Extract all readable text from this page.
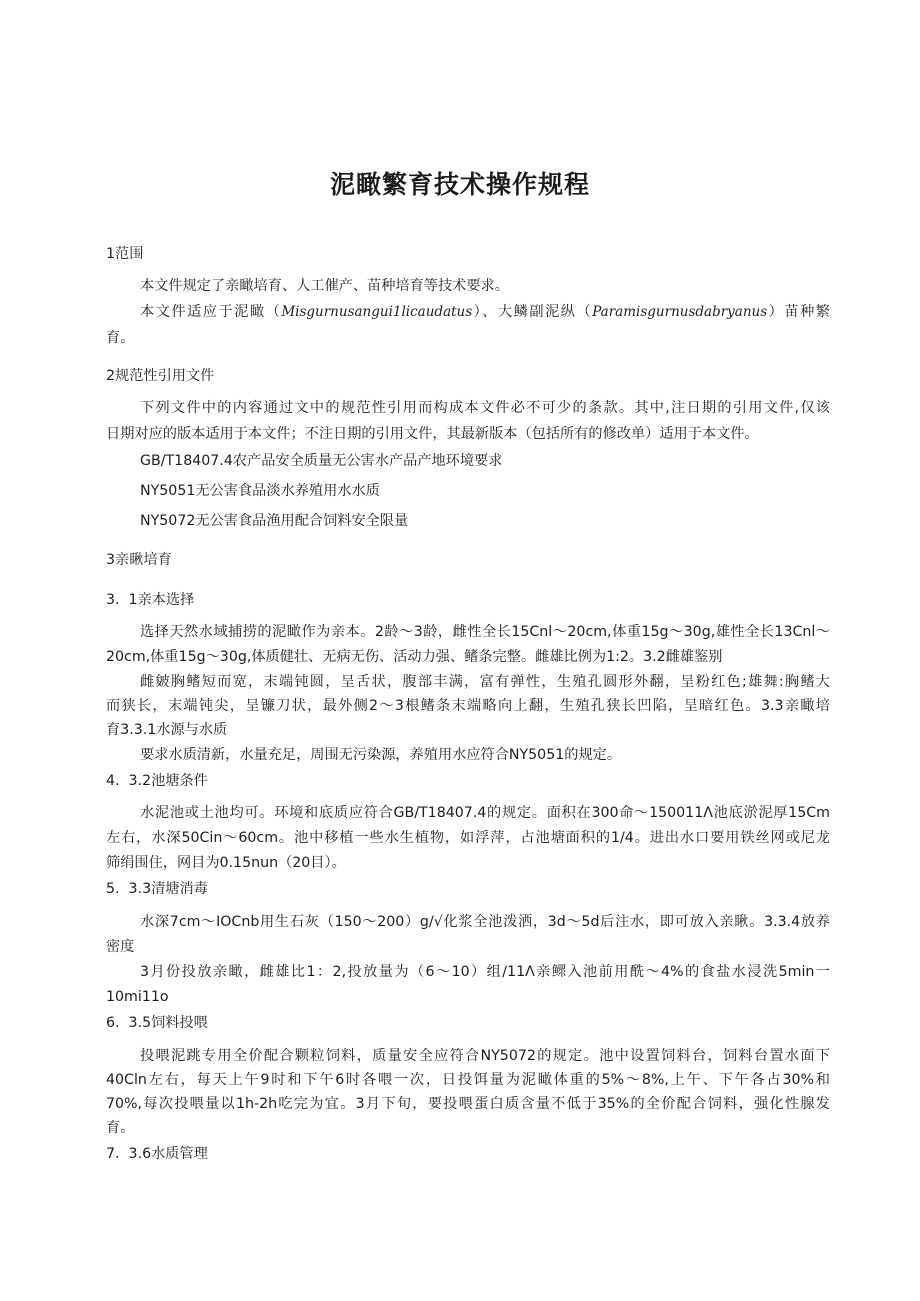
泥瞰繁育技术操作规程
1范围
本文件规定了亲瞰培育、人工催产、苗种培育等技术要求。
本文件适应于泥瞰（Misgurnusangui1licaudatus）、大鳞副泥纵（Paramisgurnusdabryanus）苗种繁
育。
2规范性引用文件
下列文件中的内容通过文中的规范性引用而构成本文件必不可少的条款。其中,注日期的引用文件,仅该
日期对应的版本适用于本文件；不注日期的引用文件，其最新版本（包括所有的修改单）适用于本文件。
GB/T18407.4农产品安全质量无公害水产品产地环境要求
NY5051无公害食品淡水养殖用水水质
NY5072无公害食品渔用配合饲料安全限量
3亲瞅培育
3.  1亲本选择
选择天然水域捕捞的泥瞰作为亲本。2龄～3龄，雌性全长15Cnl～20cm,体重15g～30g,雄性全长13Cnl～
20cm,体重15g～30g,体质健壮、无病无伤、活动力强、鳍条完整。雌雄比例为1:2。3.2雌雄鉴别
雌皴胸鳍短而宽，末端钝圆，呈舌状，腹部丰满，富有弹性，生殖孔圆形外翻，呈粉红色;雄舞:胸鳍大
而狭长，末端钝尖，呈镰刀状，最外侧2～3根鳍条末端略向上翻，生殖孔狭长凹陷，呈暗红色。3.3亲瞰培
育3.3.1水源与水质
要求水质清新，水量充足，周围无污染源，养殖用水应符合NY5051的规定。
4.  3.2池塘条件
水泥池或土池均可。环境和底质应符合GB/T18407.4的规定。面积在300命～150011Λ池底淤泥厚15Cm
左右，水深50Cin～60cm。池中移植一些水生植物，如浮萍，占池塘面积的1/4。进出水口要用铁丝网或尼龙
筛绢围住，网目为0.15nun（20目）。
5.  3.3清塘消毒
水深7cm～IOCnb用生石灰（150～200）g∕√化浆全池泼洒，3d～5d后注水，即可放入亲瞅。3.3.4放养
密度
3月份投放亲瞰，雌雄比1：2,投放量为（6～10）组∕11Λ亲鳏入池前用酰～4%的食盐水浸洗5min一
10mi11o
6.  3.5饲料投喂
投喂泥跳专用全价配合颗粒饲料，质量安全应符合NY5072的规定。池中设置饲料台，饲料台置水面下
40Cln左右，每天上午9时和下午6时各喂一次，日投饵量为泥瞰体重的5%～8%,上午、下午各占30%和
70%,每次投喂量以1h-2h吃完为宜。3月下旬，要投喂蛋白质含量不低于35%的全价配合饲料，强化性腺发
育。
7.  3.6水质管理
